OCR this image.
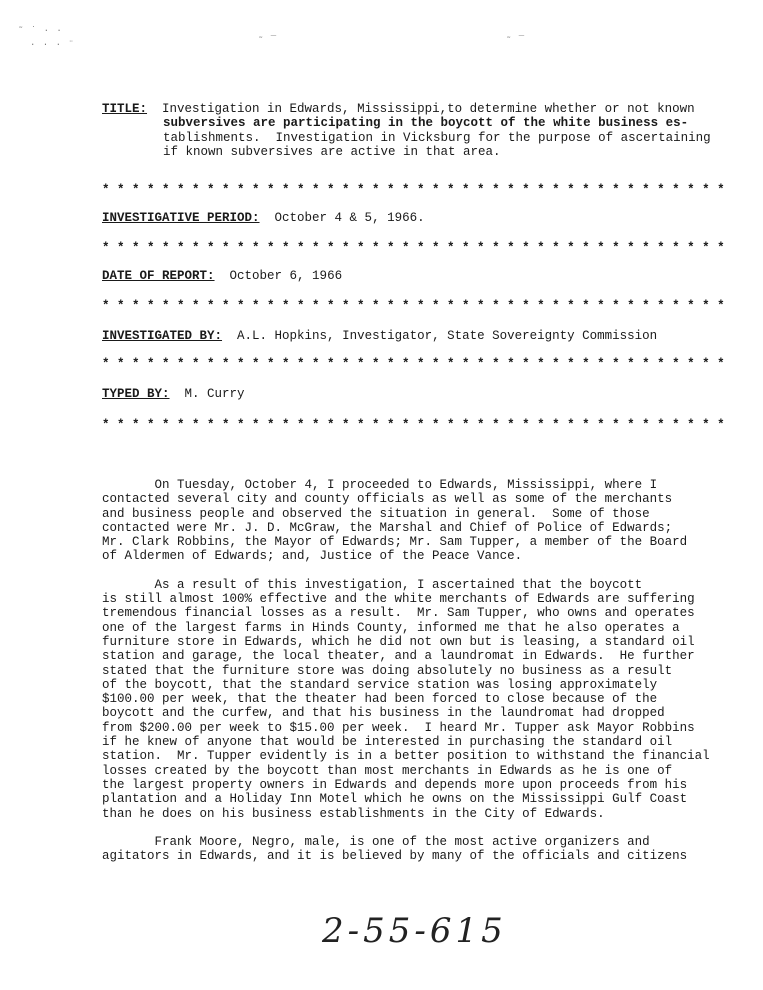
˜ ˙ · ·
· · · ¨	˜ ¯	˜ ¯
TITLE: Investigation in Edwards, Mississippi,to determine whether or not known
subversives are participating in the boycott of the white business es-
tablishments.  Investigation in Vicksburg for the purpose of ascertaining
if known subversives are active in that area.
* * * * * * * * * * * * * * * * * * * * * * * * * * * * * * * * * * * * * * * * * *
INVESTIGATIVE PERIOD: October 4 & 5, 1966.
* * * * * * * * * * * * * * * * * * * * * * * * * * * * * * * * * * * * * * * * * *
DATE OF REPORT: October 6, 1966
* * * * * * * * * * * * * * * * * * * * * * * * * * * * * * * * * * * * * * * * * *
INVESTIGATED BY: A.L. Hopkins, Investigator, State Sovereignty Commission
* * * * * * * * * * * * * * * * * * * * * * * * * * * * * * * * * * * * * * * * * *
TYPED BY: M. Curry
* * * * * * * * * * * * * * * * * * * * * * * * * * * * * * * * * * * * * * * * * *
On Tuesday, October 4, I proceeded to Edwards, Mississippi, where I
contacted several city and county officials as well as some of the merchants
and business people and observed the situation in general.  Some of those
contacted were Mr. J. D. McGraw, the Marshal and Chief of Police of Edwards;
Mr. Clark Robbins, the Mayor of Edwards; Mr. Sam Tupper, a member of the Board
of Aldermen of Edwards; and, Justice of the Peace Vance.
As a result of this investigation, I ascertained that the boycott
is still almost 100% effective and the white merchants of Edwards are suffering
tremendous financial losses as a result.  Mr. Sam Tupper, who owns and operates
one of the largest farms in Hinds County, informed me that he also operates a
furniture store in Edwards, which he did not own but is leasing, a standard oil
station and garage, the local theater, and a laundromat in Edwards.  He further
stated that the furniture store was doing absolutely no business as a result
of the boycott, that the standard service station was losing approximately
$100.00 per week, that the theater had been forced to close because of the
boycott and the curfew, and that his business in the laundromat had dropped
from $200.00 per week to $15.00 per week.  I heard Mr. Tupper ask Mayor Robbins
if he knew of anyone that would be interested in purchasing the standard oil
station.  Mr. Tupper evidently is in a better position to withstand the financial
losses created by the boycott than most merchants in Edwards as he is one of
the largest property owners in Edwards and depends more upon proceeds from his
plantation and a Holiday Inn Motel which he owns on the Mississippi Gulf Coast
than he does on his business establishments in the City of Edwards.
Frank Moore, Negro, male, is one of the most active organizers and
agitators in Edwards, and it is believed by many of the officials and citizens
2-55-615
